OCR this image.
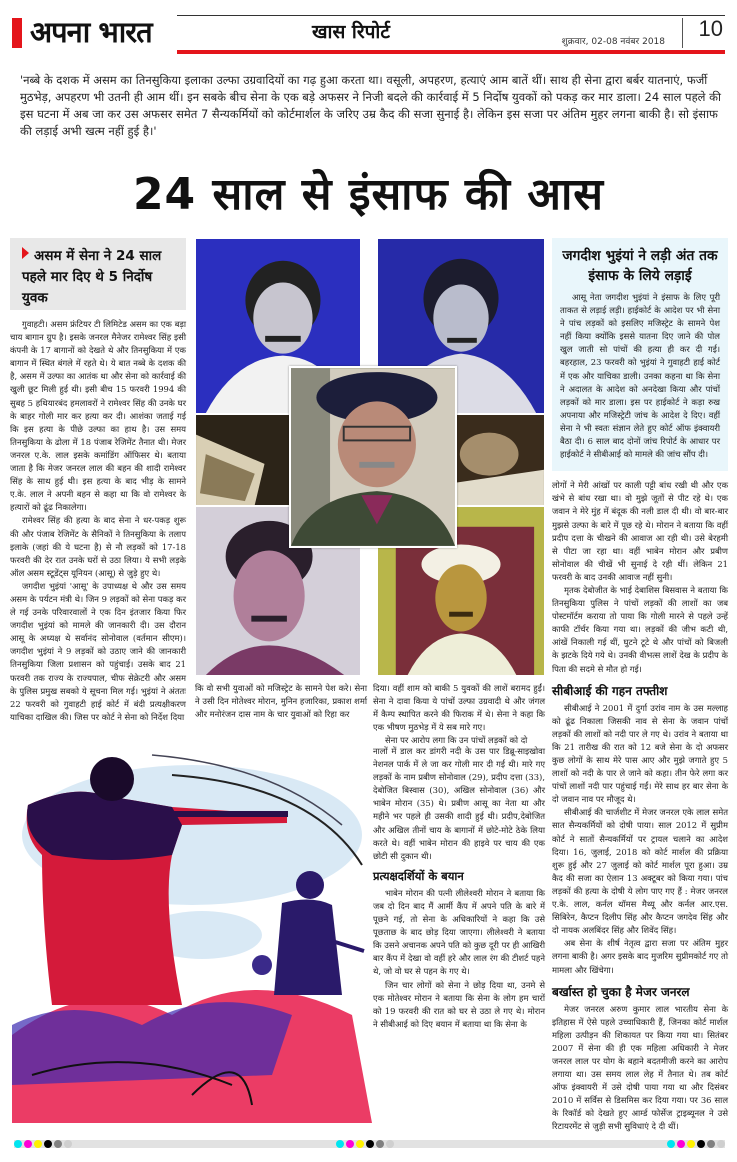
अपना भारत	खास रिपोर्ट	शुक्रवार, 02-08 नवंबर 2018
10
'नब्बे के दशक में असम का तिनसुकिया इलाका उल्फा उग्रवादियों का गढ़ हुआ करता था। वसूली, अपहरण, हत्याएं आम बातें थीं। साथ ही सेना द्वारा बर्बर यातनाएं, फर्जी मुठभेड़, अपहरण भी उतनी ही आम थीं। इन सबके बीच सेना के एक बड़े अफसर ने निजी बदले की कार्रवाई में 5 निर्दोष युवकों को पकड़ कर मार डाला। 24 साल पहले की इस घटना में अब जा कर उस अफसर समेत 7 सैन्यकर्मियों को कोर्टमार्शल के जरिए उम्र कैद की सजा सुनाई है। लेकिन इस सजा पर अंतिम मुहर लगना बाकी है। सो इंसाफ की लड़ाई अभी खत्म नहीं हुई है।'
24 साल से इंसाफ की आस
असम में सेना ने 24 साल पहले मार दिए थे 5 निर्दोष युवक

गुवाहटी। असम फ्रंटियर टी लिमिटेड असम का एक बड़ा चाय बागान ग्रुप है। इसके जनरल मैनेजर रामेश्वर सिंह इसी कंपनी के 17 बागानों को देखते थे और तिनसुकिया में एक बागान में स्थित बंगले में रहते थे। ये बात नब्बे के दशक की है, असम में उल्फा का आतंक था और सेना को कार्रवाई की खुली छूट मिली हुई थी। इसी बीच 15 फरवरी 1994 की सुबह 5 हथियारबंद हमलावरों ने रामेश्वर सिंह की उनके घर के बाहर गोली मार कर हत्या कर दी। आशंका जताई गई कि इस हत्या के पीछे उल्फा का हाथ है। उस समय तिनसुकिया के ढोला में 18 पंजाब रेजिमेंट तैनात थी। मेजर जनरल ए.के. लाल इसके कमांडिंग ऑफिसर थे। बताया जाता है कि मेजर जनरल लाल की बहन की शादी रामेश्वर सिंह के साथ हुई थी। इस हत्या के बाद भीड़ के सामने ए.के. लाल ने अपनी बहन से कहा था कि वो रामेश्वर के हत्यारों को ढूंढ निकालेगा।

रामेश्वर सिंह की हत्या के बाद सेना ने धर-पकड़ शुरू की और पंजाब रेजिमेंट के सैनिकों ने तिनसुकिया के तलाप इलाके (जहां की ये घटना है) से नौ लड़कों को 17-18 फरवरी की देर रात उनके घरों से उठा लिया। ये सभी लड़के ऑल असम स्टूडेंट्स यूनियन (आसू) से जुड़े हुए थे।

जगदीश भुइंयां 'आसू' के उपाध्यक्ष थे और उस समय असम के पर्यटन मंत्री थे। जिन 9 लड़कों को सेना पकड़ कर ले गई उनके परिवारवालों ने एक दिन इंतजार किया फिर जगदीश भुइंयां को मामले की जानकारी दी। उस दौरान आसू के अध्यक्ष थे सर्वानंद सोनोवाल (वर्तमान सीएम)। जगदीश भुइंयां ने 9 लड़कों को उठाए जाने की जानकारी तिनसुकिया जिला प्रशासन को पहुंचाई। उसके बाद 21 फरवरी तक राज्य के राज्यपाल, चीफ सेक्रेटरी और असम के पुलिस प्रमुख सबको ये सूचना मिल गई। भुइंयां ने अंततः 22 फरवरी को गुवाहटी हाई कोर्ट में बंदी प्रत्यक्षीकरण याचिका दाखिल की। जिस पर कोर्ट ने सेना को निर्देश दिया

कि वो सभी युवाओं को मजिस्ट्रेट के सामने पेश करे। सेना ने उसी दिन मोतेश्वर मोरान, मुनिन हजारिका, प्रकाश शर्मा और मनोरंजन दास नाम के चार युवाओं को रिहा कर

दिया। वहीं शाम को बाकी 5 युवकों की लाशें बरामद हुईं। सेना ने दावा किया ये पांचों उल्फा उग्रवादी थे और जंगल में कैम्प स्थापित करने की फिराक में थे। सेना ने कहा कि एक भीषण मुठभेड़ में ये सब मारे गए।

सेना पर आरोप लगा कि उन पांचों लड़कों को दो

नालों में डाल कर डांगरी नदी के उस पार डिब्रू-साइखोवा नेशनल पार्क में ले जा कर गोली मार दी गई थी। मारे गए लड़कों के नाम प्रबीण सोनोवाल (29), प्रदीप दत्ता (33), देबोजित बिस्वास (30), अखिल सोनोवाल (36) और भाबेन मोरान (35) थे। प्रबीण आसू का नेता था और महीने भर पहले ही उसकी शादी हुई थी। प्रदीप,देबोजित और अखिल तीनों चाय के बागानों में छोटे-मोटे ठेके लिया करते थे। वहीं भाबेन मोरान की हाइवे पर चाय की एक छोटी सी दुकान थी।

प्रत्यक्षदर्शियों के बयान

भाबेन मोरान की पत्नी लीलेश्वरी मोरान ने बताया कि जब दो दिन बाद मैं आर्मी कैंप में अपने पति के बारे में पूछने गई, तो सेना के अधिकारियों ने कहा कि उसे पूछताछ के बाद छोड़ दिया जाएगा। लीलेश्वरी ने बताया कि उसने अचानक अपने पति को कुछ दूरी पर ही आखिरी बार कैंप में देखा वो वहीं हरे और लाल रंग की टीशर्ट पहने थे, जो वो घर से पहन के गए थे।

जिन चार लोगों को सेना ने छोड़ दिया था, उनमे से एक मोतेश्वर मोरान ने बताया कि सेना के लोग हम चारों को 19 फरवरी की रात को घर से उठा ले गए थे। मोरान ने सीबीआई को दिए बयान में बताया था कि सेना के

जगदीश भुइंयां ने लड़ी अंत तक इंसाफ के लिये लड़ाई

आसू नेता जगदीश भुइंयां ने इंसाफ के लिए पूरी ताकत से लड़ाई लड़ी। हाईकोर्ट के आदेश पर भी सेना ने पांच लड़कों को इसलिए मजिस्ट्रेट के सामने पेश नहीं किया क्योंकि इससे यातना दिए जाने की पोल खुल जाती सो पांचों की हत्या ही कर दी गई। बहरहाल, 23 फरवरी को भुइंयां ने गुवाहटी हाई कोर्ट में एक और याचिका डाली। उनका कहना था कि सेना ने अदालत के आदेश को अनदेखा किया और पांचों लड़कों को मार डाला। इस पर हाईकोर्ट ने कड़ा रुख अपनाया और मजिस्ट्रेटी जांच के आदेश दे दिए। वहीं सेना ने भी स्वतः संज्ञान लेते हुए कोर्ट ऑफ इंक्वायरी बैठा दी। 6 साल बाद दोनों जांच रिपोर्ट के आधार पर हाईकोर्ट ने सीबीआई को मामले की जांच सौंप दी।

लोगों ने मेरी आंखों पर काली पट्टी बांध रखी थी और एक खंभे से बांध रखा था। वो मुझे जूतों से पीट रहे थे। एक जवान ने मेरे मुंह में बंदूक की नली डाल दी थी। वो बार-बार मुझसे उल्फा के बारे में पूछ रहे थे। मोरान ने बताया कि वहीं प्रदीप दत्ता के चीखने की आवाज आ रही थी। उसे बेरहमी से पीटा जा रहा था। वहीं भाबेन मोरान और प्रबीण सोनोवाल की चीखें भी सुनाई दे रही थीं। लेकिन 21 फरवरी के बाद उनकी आवाज नहीं सुनी।

मृतक देबोजीत के भाई देबाशिस बिसवास ने बताया कि तिनसुकिया पुलिस ने पांचों लड़कों की लाशों का जब पोस्टमॉर्टम कराया तो पाया कि गोली मारने से पहले उन्हें काफी टॉर्चर किया गया था। लड़कों की जीभ कटी थी, आंखें निकाली गई थीं, घुटने टूटे थे और पांचों को बिजली के झटके दिये गये थे। उनकी वीभत्स लाशें देख के प्रदीप के पिता की सदमे से मौत हो गई।

सीबीआई की गहन तफ्तीश

सीबीआई ने 2001 में दुर्गा उरांव नाम के उस मल्लाह को ढूंढ निकाला जिसकी नाव से सेना के जवान पांचों लड़कों की लाशों को नदी पार ले गए थे। उरांव ने बताया था कि 21 तारीख की रात को 12 बजे सेना के दो अफसर कुछ लोगों के साथ मेरे पास आए और मुझे जगाते हुए 5 लाशों को नदी के पार ले जाने को कहा। तीन फेरे लगा कर पांचों लाशों नदी पार पहुंचाई गईं। मेरे साथ हर बार सेना के दो जवान नाव पर मौजूद थे।

सीबीआई की चार्जशीट में मेजर जनरल एके लाल समेत सात सैन्यकर्मियों को दोषी पाया। साल 2012 में सुप्रीम कोर्ट ने सातों सैन्यकर्मियों पर ट्रायल चलाने का आदेश दिया। 16, जुलाई, 2018 को कोर्ट मार्शल की प्रक्रिया शुरू हुई और 27 जुलाई को कोर्ट मार्शल पूरा हुआ। उम्र कैद की सजा का ऐलान 13 अक्टूबर को किया गया। पांच लड़कों की हत्या के दोषी ये लोग पाए गए हैं : मेजर जनरल ए.के. लाल, कर्नल थॉमस मैथ्यू और कर्नल आर.एस. सिबिरेन, कैप्टन दिलीप सिंह और कैप्टन जगदेव सिंह और दो नायक अलबिंदर सिंह और शिवेंद सिंह।

अब सेना के शीर्ष नेतृत्व द्वारा सजा पर अंतिम मुहर लगना बाकी है। अगर इसके बाद मुजरिम सुप्रीमकोर्ट गए तो मामला और खिंचेगा।

बर्खास्त हो चुका है मेजर जनरल

मेजर जनरल अरुण कुमार लाल भारतीय सेना के इतिहास में ऐसे पहले उच्चाधिकारी हैं, जिनका कोर्ट मार्शल महिला उत्पीड़न की शिकायत पर किया गया था। सितंबर 2007 में सेना की ही एक महिला अधिकारी ने मेजर जनरल लाल पर योग के बहाने बदतमीजी करने का आरोप लगाया था। उस समय लाल लेह में तैनात थे। तब कोर्ट ऑफ इंक्वायरी में उसे दोषी पाया गया था और दिसंबर 2010 में सर्विस से डिसमिस कर दिया गया। पर 36 साल के रिकॉर्ड को देखते हुए आर्म्ड फोर्सेज ट्राइब्यूनल ने उसे रिटायरमेंट से जुड़ी सभी सुविधाएं दे दी थीं।
